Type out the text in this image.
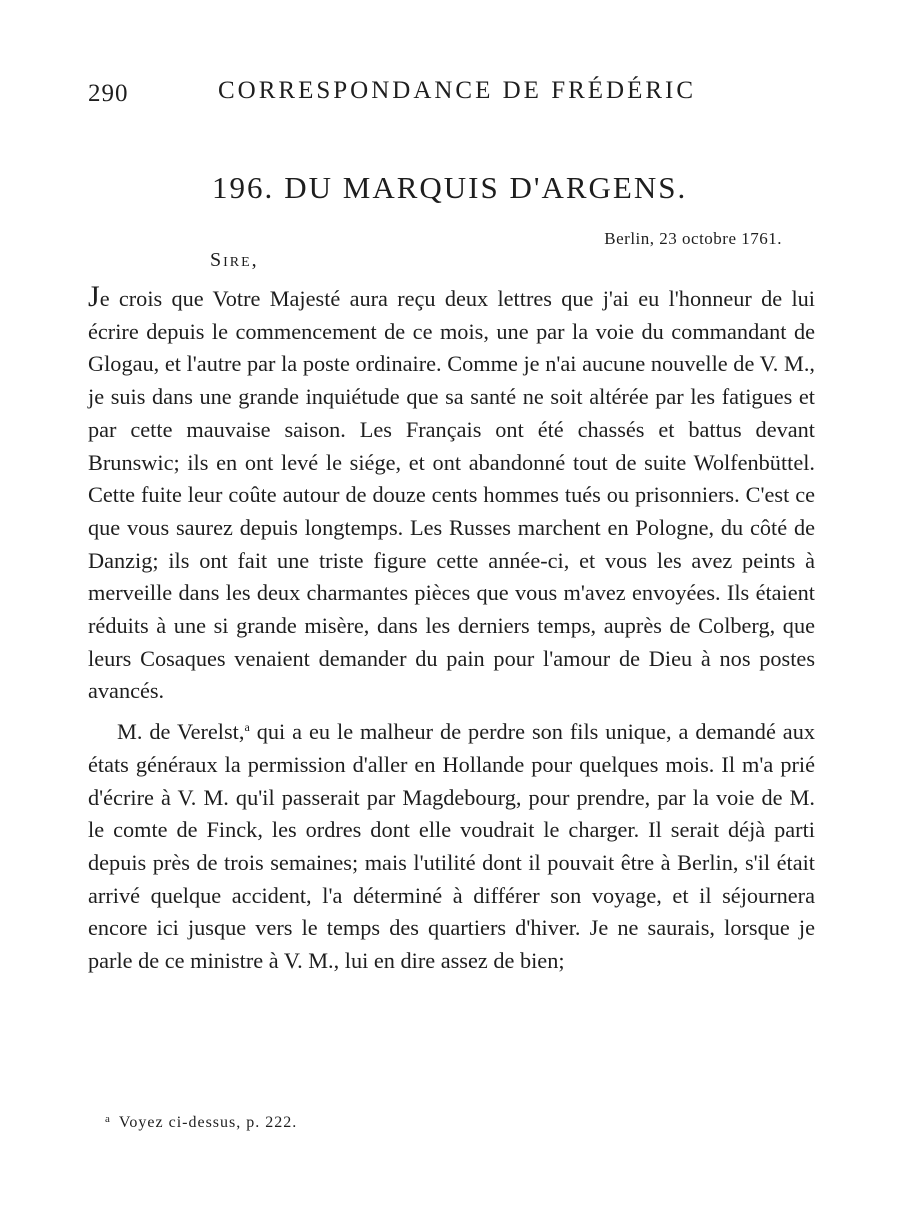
290	CORRESPONDANCE DE FRÉDÉRIC
196. DU MARQUIS D'ARGENS.
Berlin, 23 octobre 1761.
Sire,

Je crois que Votre Majesté aura reçu deux lettres que j'ai eu l'honneur de lui écrire depuis le commencement de ce mois, une par la voie du commandant de Glogau, et l'autre par la poste ordinaire. Comme je n'ai aucune nouvelle de V. M., je suis dans une grande inquiétude que sa santé ne soit altérée par les fatigues et par cette mauvaise saison. Les Français ont été chassés et battus devant Brunswic; ils en ont levé le siége, et ont abandonné tout de suite Wolfenbüttel. Cette fuite leur coûte autour de douze cents hommes tués ou prisonniers. C'est ce que vous saurez depuis longtemps. Les Russes marchent en Pologne, du côté de Danzig; ils ont fait une triste figure cette année-ci, et vous les avez peints à merveille dans les deux charmantes pièces que vous m'avez envoyées. Ils étaient réduits à une si grande misère, dans les derniers temps, auprès de Colberg, que leurs Cosaques venaient demander du pain pour l'amour de Dieu à nos postes avancés.

M. de Verelst,$^a$ qui a eu le malheur de perdre son fils unique, a demandé aux états généraux la permission d'aller en Hollande pour quelques mois. Il m'a prié d'écrire à V. M. qu'il passerait par Magdebourg, pour prendre, par la voie de M. le comte de Finck, les ordres dont elle voudrait le charger. Il serait déjà parti depuis près de trois semaines; mais l'utilité dont il pouvait être à Berlin, s'il était arrivé quelque accident, l'a déterminé à différer son voyage, et il séjournera encore ici jusque vers le temps des quartiers d'hiver. Je ne saurais, lorsque je parle de ce ministre à V. M., lui en dire assez de bien;

$^a$ Voyez ci-dessus, p. 222.
